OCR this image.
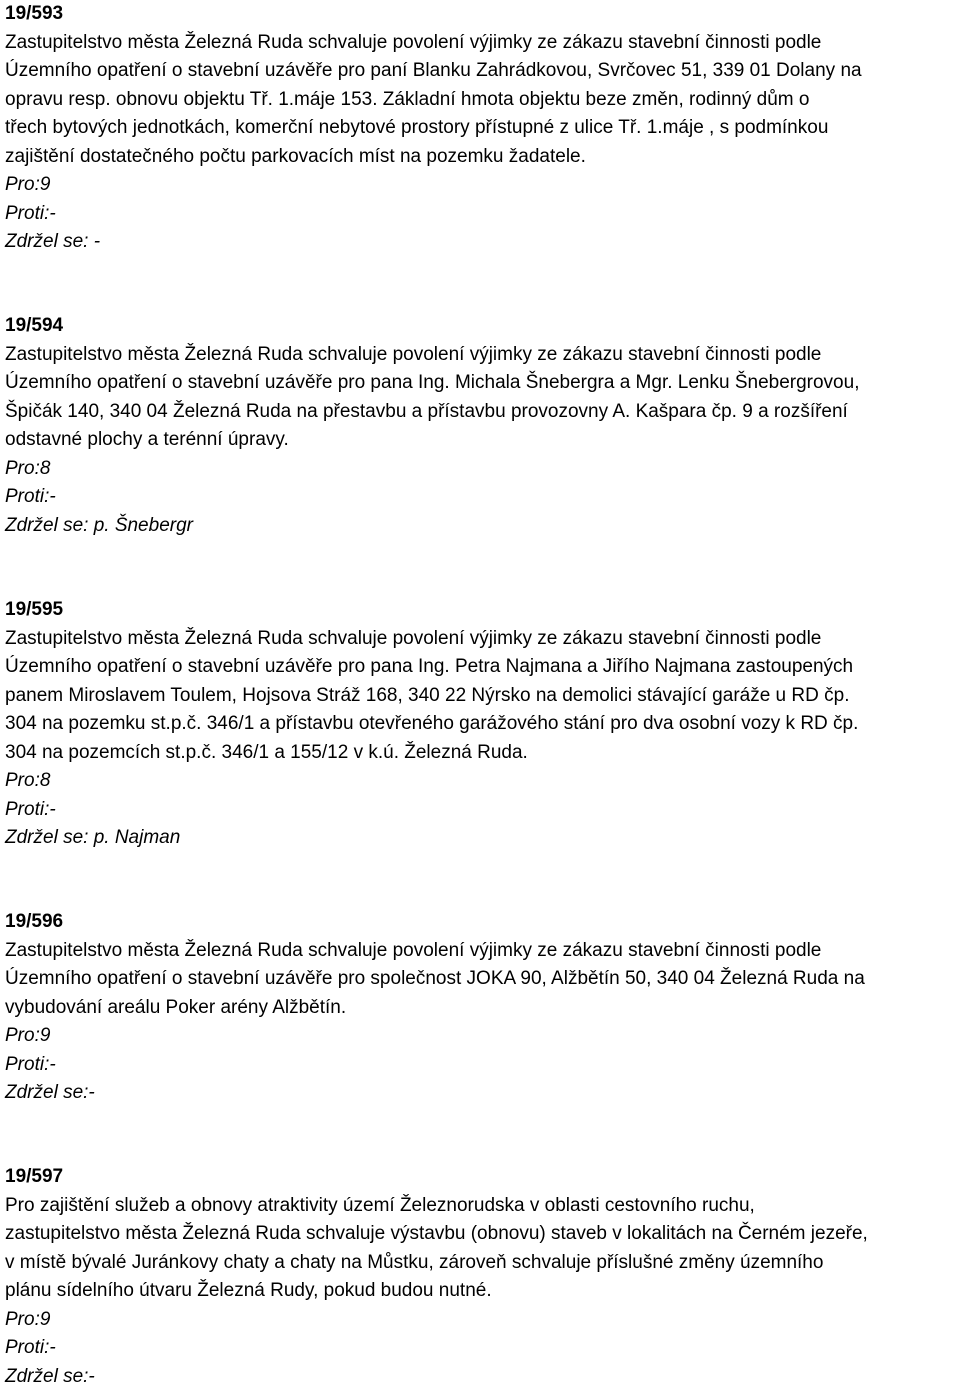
19/593
Zastupitelstvo města Železná Ruda schvaluje povolení výjimky ze zákazu stavební činnosti podle
Územního opatření o stavební uzávěře pro paní Blanku Zahrádkovou, Svrčovec 51, 339 01 Dolany na
opravu resp. obnovu objektu Tř. 1.máje 153. Základní hmota objektu beze změn, rodinný dům o
třech bytových jednotkách, komerční nebytové prostory přístupné z ulice Tř. 1.máje , s podmínkou
zajištění dostatečného počtu parkovacích míst na pozemku žadatele.
Pro:9
Proti:-
Zdržel se: -
19/594
Zastupitelstvo města Železná Ruda schvaluje povolení výjimky ze zákazu stavební činnosti podle
Územního opatření o stavební uzávěře pro pana Ing. Michala Šnebergra a Mgr. Lenku Šnebergrovou,
Špičák 140, 340 04 Železná Ruda na přestavbu a přístavbu provozovny A. Kašpara čp. 9 a rozšíření
odstavné plochy a terénní úpravy.
Pro:8
Proti:-
Zdržel se: p. Šnebergr
19/595
Zastupitelstvo města Železná Ruda schvaluje povolení výjimky ze zákazu stavební činnosti podle
Územního opatření o stavební uzávěře pro pana Ing. Petra Najmana a Jiřího Najmana zastoupených
panem Miroslavem Toulem, Hojsova Stráž 168, 340 22 Nýrsko na demolici stávající garáže u RD čp.
304 na pozemku st.p.č. 346/1 a přístavbu otevřeného garážového stání pro dva osobní vozy k RD čp.
304 na pozemcích st.p.č. 346/1 a 155/12 v k.ú. Železná Ruda.
Pro:8
Proti:-
Zdržel se: p. Najman
19/596
Zastupitelstvo města Železná Ruda schvaluje povolení výjimky ze zákazu stavební činnosti podle
Územního opatření o stavební uzávěře pro společnost JOKA 90, Alžbětín 50, 340 04 Železná Ruda na
vybudování areálu Poker arény Alžbětín.
Pro:9
Proti:-
Zdržel se:-
19/597
Pro zajištění služeb a obnovy atraktivity území Železnorudska v oblasti cestovního ruchu,
zastupitelstvo města Železná Ruda schvaluje výstavbu (obnovu) staveb v lokalitách na Černém jezeře,
v místě bývalé Juránkovy chaty a chaty na Můstku, zároveň schvaluje příslušné změny územního
plánu sídelního útvaru Železná Rudy, pokud budou nutné.
Pro:9
Proti:-
Zdržel se:-
